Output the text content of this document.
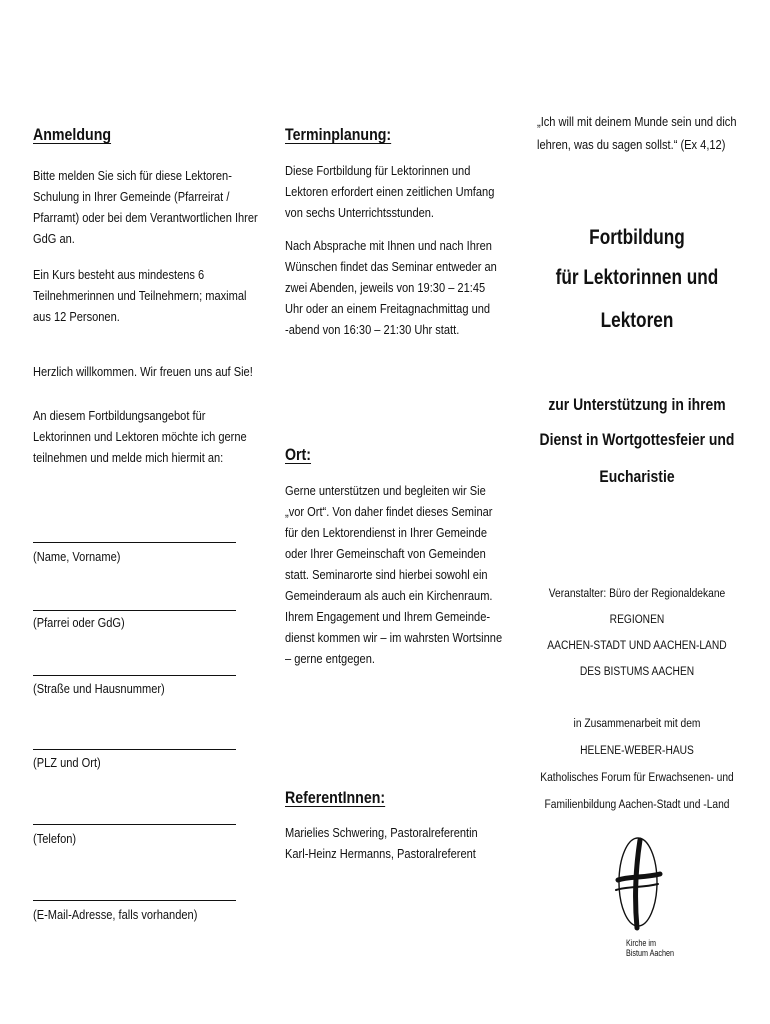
Anmeldung
Bitte melden Sie sich für diese Lektoren-
Schulung in Ihrer Gemeinde (Pfarreirat /
Pfarramt) oder bei dem Verantwortlichen Ihrer
GdG an.
Ein Kurs besteht aus mindestens 6
Teilnehmerinnen und Teilnehmern; maximal
aus 12 Personen.
Herzlich willkommen. Wir freuen uns auf Sie!
An diesem Fortbildungsangebot für
Lektorinnen und Lektoren möchte ich gerne
teilnehmen und melde mich hiermit an:
(Name, Vorname)
(Pfarrei oder GdG)
(Straße und Hausnummer)
(PLZ und Ort)
(Telefon)
(E-Mail-Adresse, falls vorhanden)
Terminplanung:
Diese Fortbildung für Lektorinnen und
Lektoren erfordert einen zeitlichen Umfang
von sechs Unterrichtsstunden.
Nach Absprache mit Ihnen und nach Ihren
Wünschen findet das Seminar entweder an
zwei Abenden, jeweils von 19:30 – 21:45
Uhr oder an einem Freitagnachmittag und
-abend von 16:30 – 21:30 Uhr statt.
Ort:
Gerne unterstützen und begleiten wir Sie
„vor Ort“. Von daher findet dieses Seminar
für den Lektorendienst in Ihrer Gemeinde
oder Ihrer Gemeinschaft von Gemeinden
statt. Seminarorte sind hierbei sowohl ein
Gemeinderaum als auch ein Kirchenraum.
Ihrem Engagement und Ihrem Gemeinde-
dienst kommen wir – im wahrsten Wortsinne
– gerne entgegen.
ReferentInnen:
Marielies Schwering, Pastoralreferentin
Karl-Heinz Hermanns, Pastoralreferent
„Ich will mit deinem Munde sein und dich
lehren, was du sagen sollst.“ (Ex 4,12)
Fortbildung
für Lektorinnen und
Lektoren
zur Unterstützung in ihrem
Dienst in Wortgottesfeier und
Eucharistie
Veranstalter: Büro der Regionaldekane
REGIONEN
AACHEN-STADT UND AACHEN-LAND
DES BISTUMS AACHEN
in Zusammenarbeit mit dem
HELENE-WEBER-HAUS
Katholisches Forum für Erwachsenen- und
Familienbildung Aachen-Stadt und -Land
Kirche im
Bistum Aachen
